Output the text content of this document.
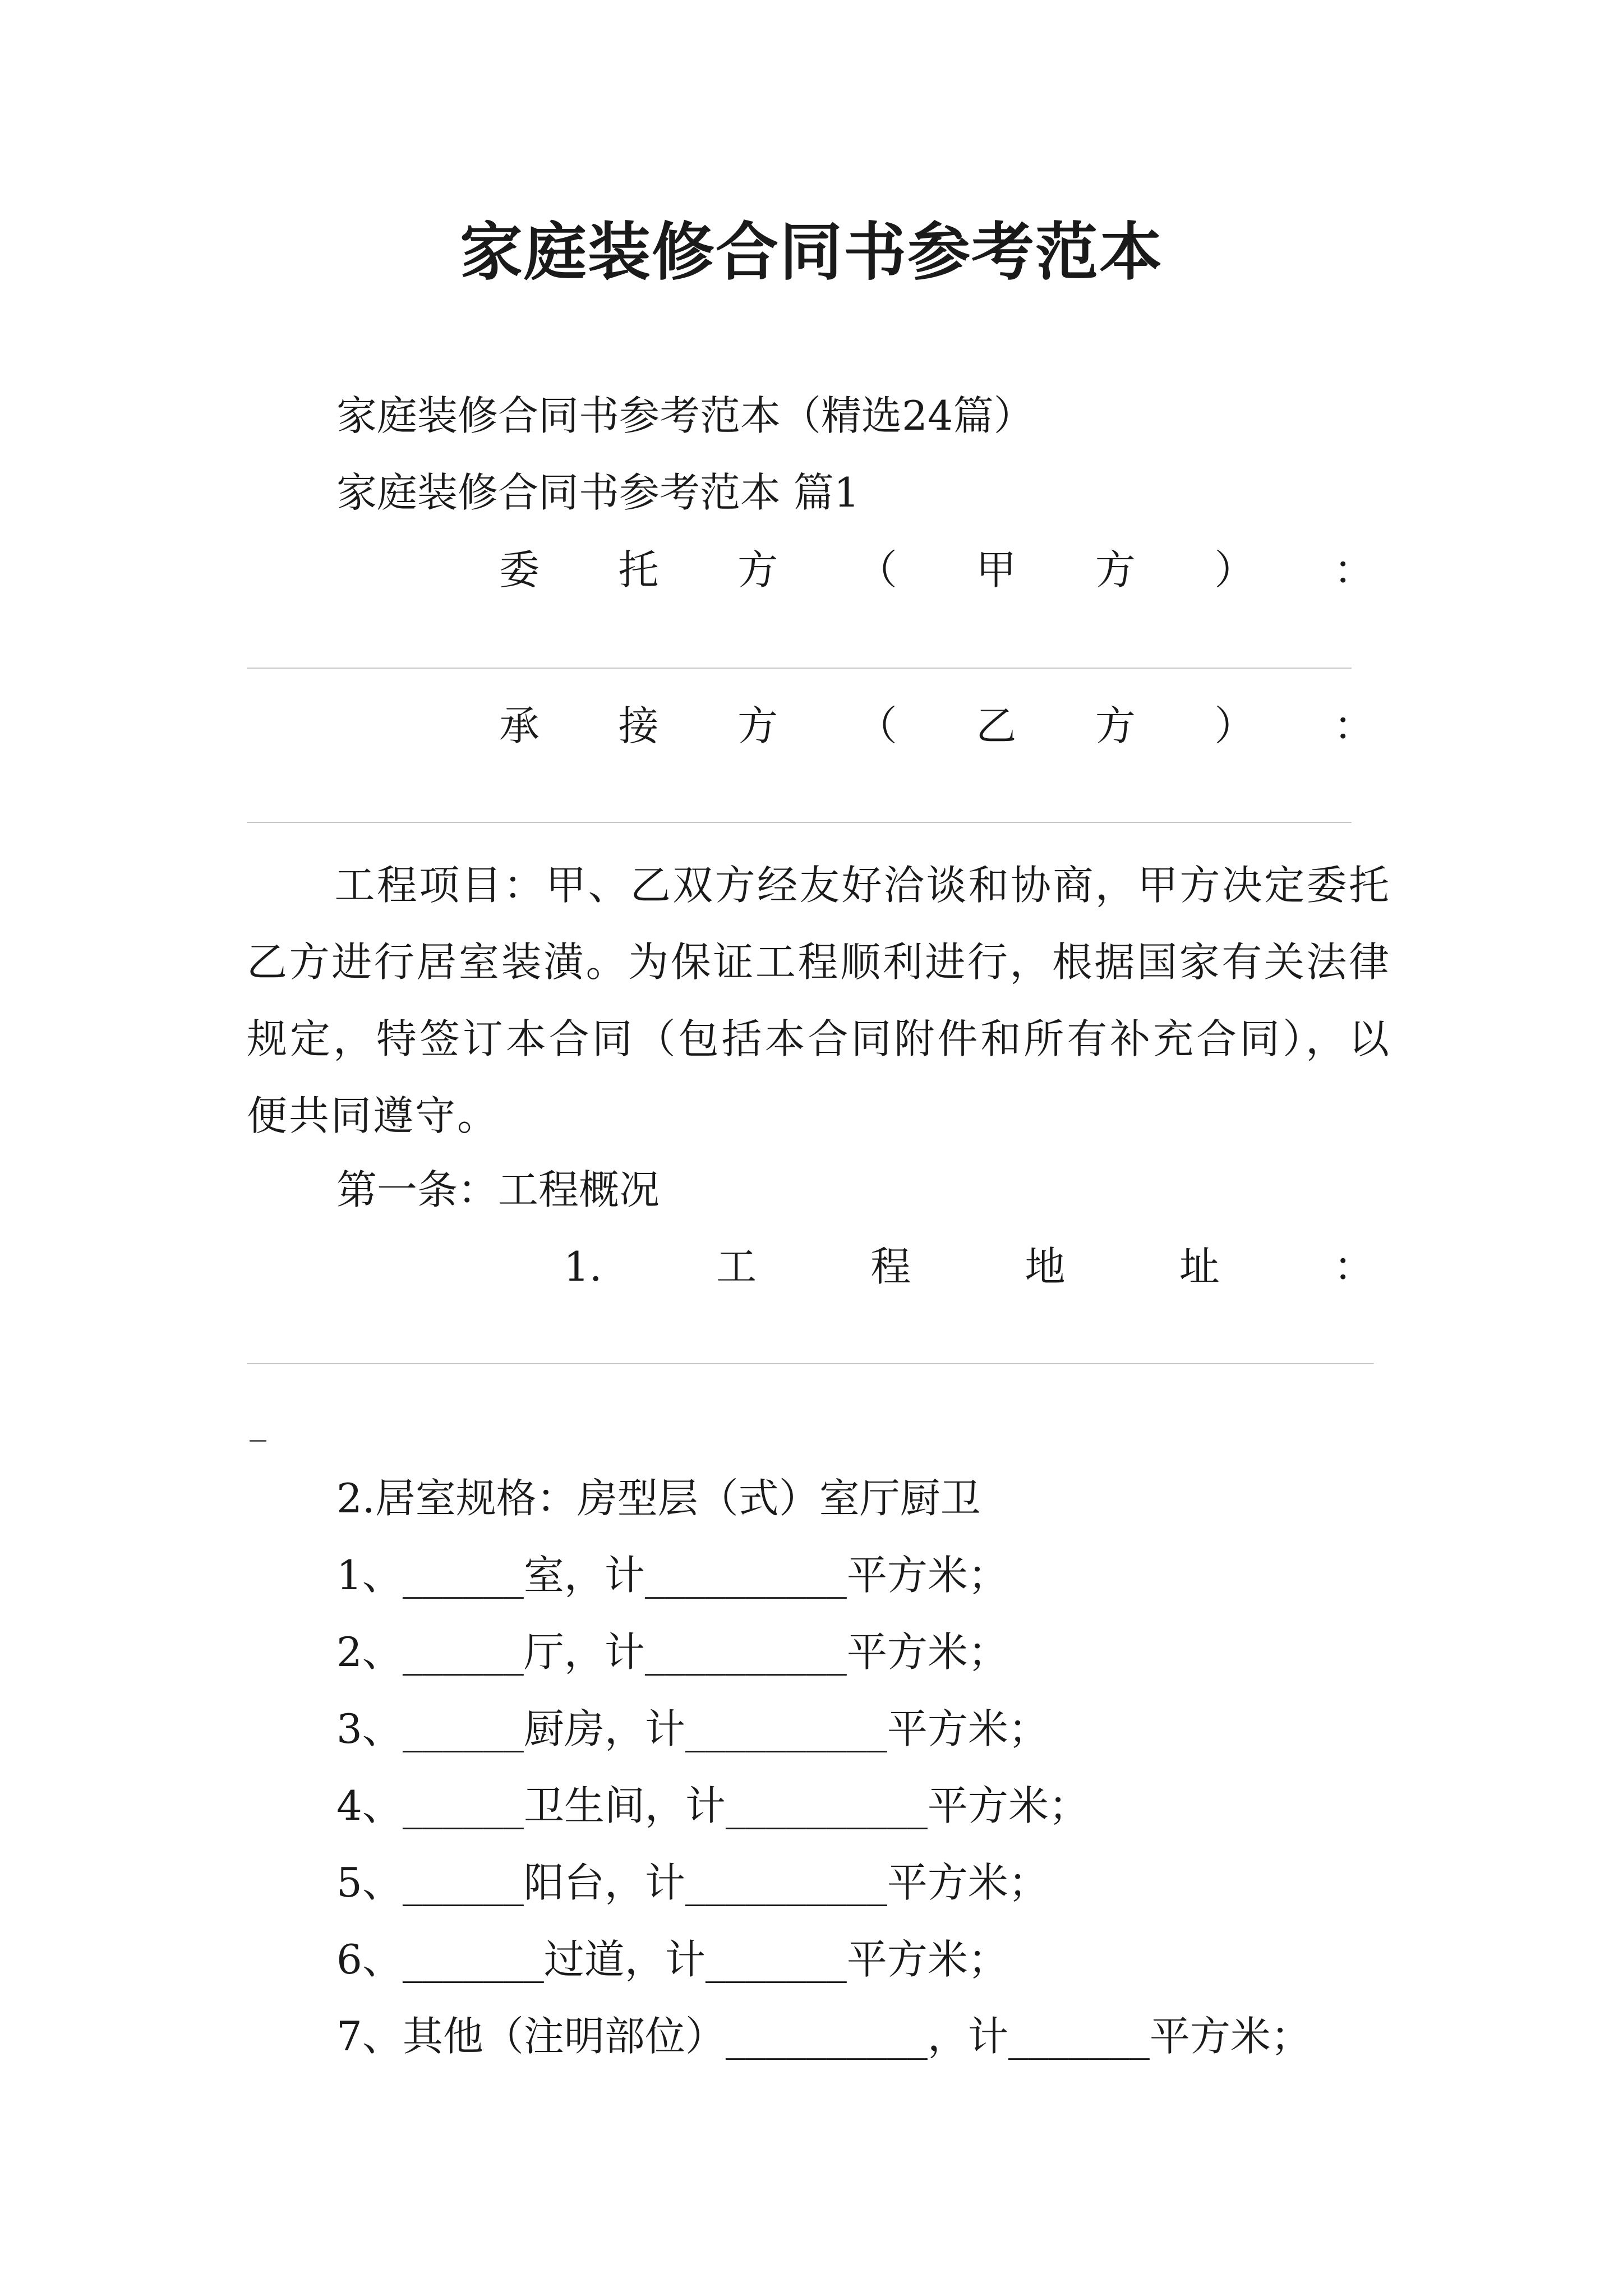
家庭装修合同书参考范本
家庭装修合同书参考范本（精选24篇）
家庭装修合同书参考范本 篇1
委 托 方 （ 甲 方 ） ：
承 接 方 （ 乙 方 ） ：
工程项目：甲、乙双方经友好洽谈和协商，甲方决定委托乙方进行居室装潢。为保证工程顺利进行，根据国家有关法律规定，特签订本合同（包括本合同附件和所有补充合同），以便共同遵守。
第一条：工程概况
1.	工	程	地	址	：
2.居室规格：房型层（式）室厅厨卫
1、______室，计__________平方米；
2、______厅，计__________平方米；
3、______厨房，计__________平方米；
4、______卫生间，计__________平方米；
5、______阳台，计__________平方米；
6、_______过道，计_______平方米；
7、其他（注明部位）__________，计_______平方米；
